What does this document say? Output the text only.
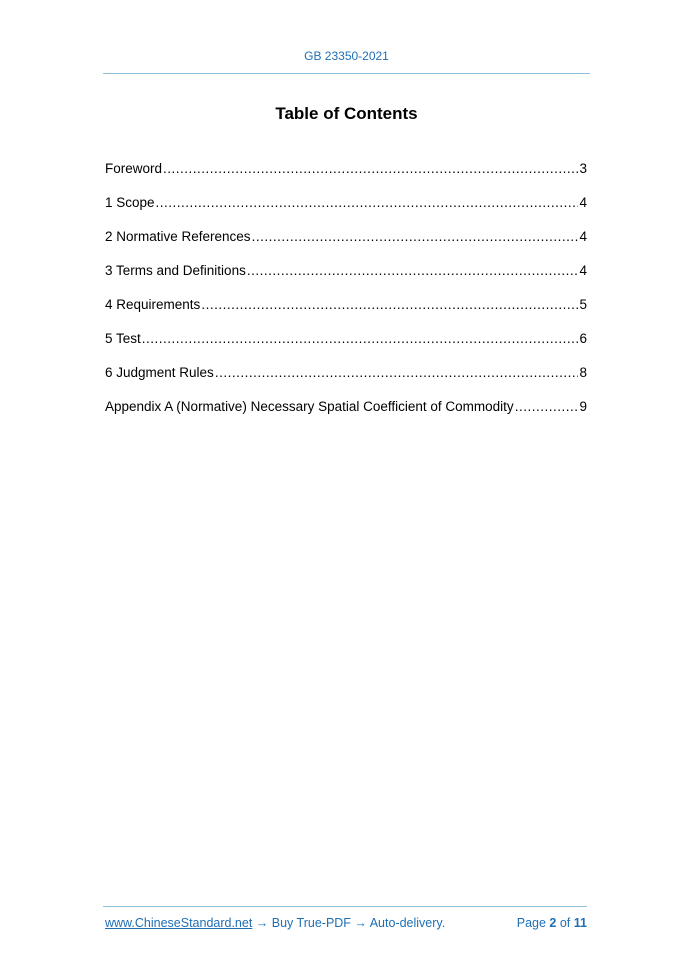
GB 23350-2021
Table of Contents
Foreword .....	3
1 Scope .....	4
2 Normative References .....	4
3 Terms and Definitions .....	4
4 Requirements .....	5
5 Test .....	6
6 Judgment Rules .....	8
Appendix A (Normative) Necessary Spatial Coefficient of Commodity .....	9
www.ChineseStandard.net → Buy True-PDF → Auto-delivery.	Page 2 of 11
